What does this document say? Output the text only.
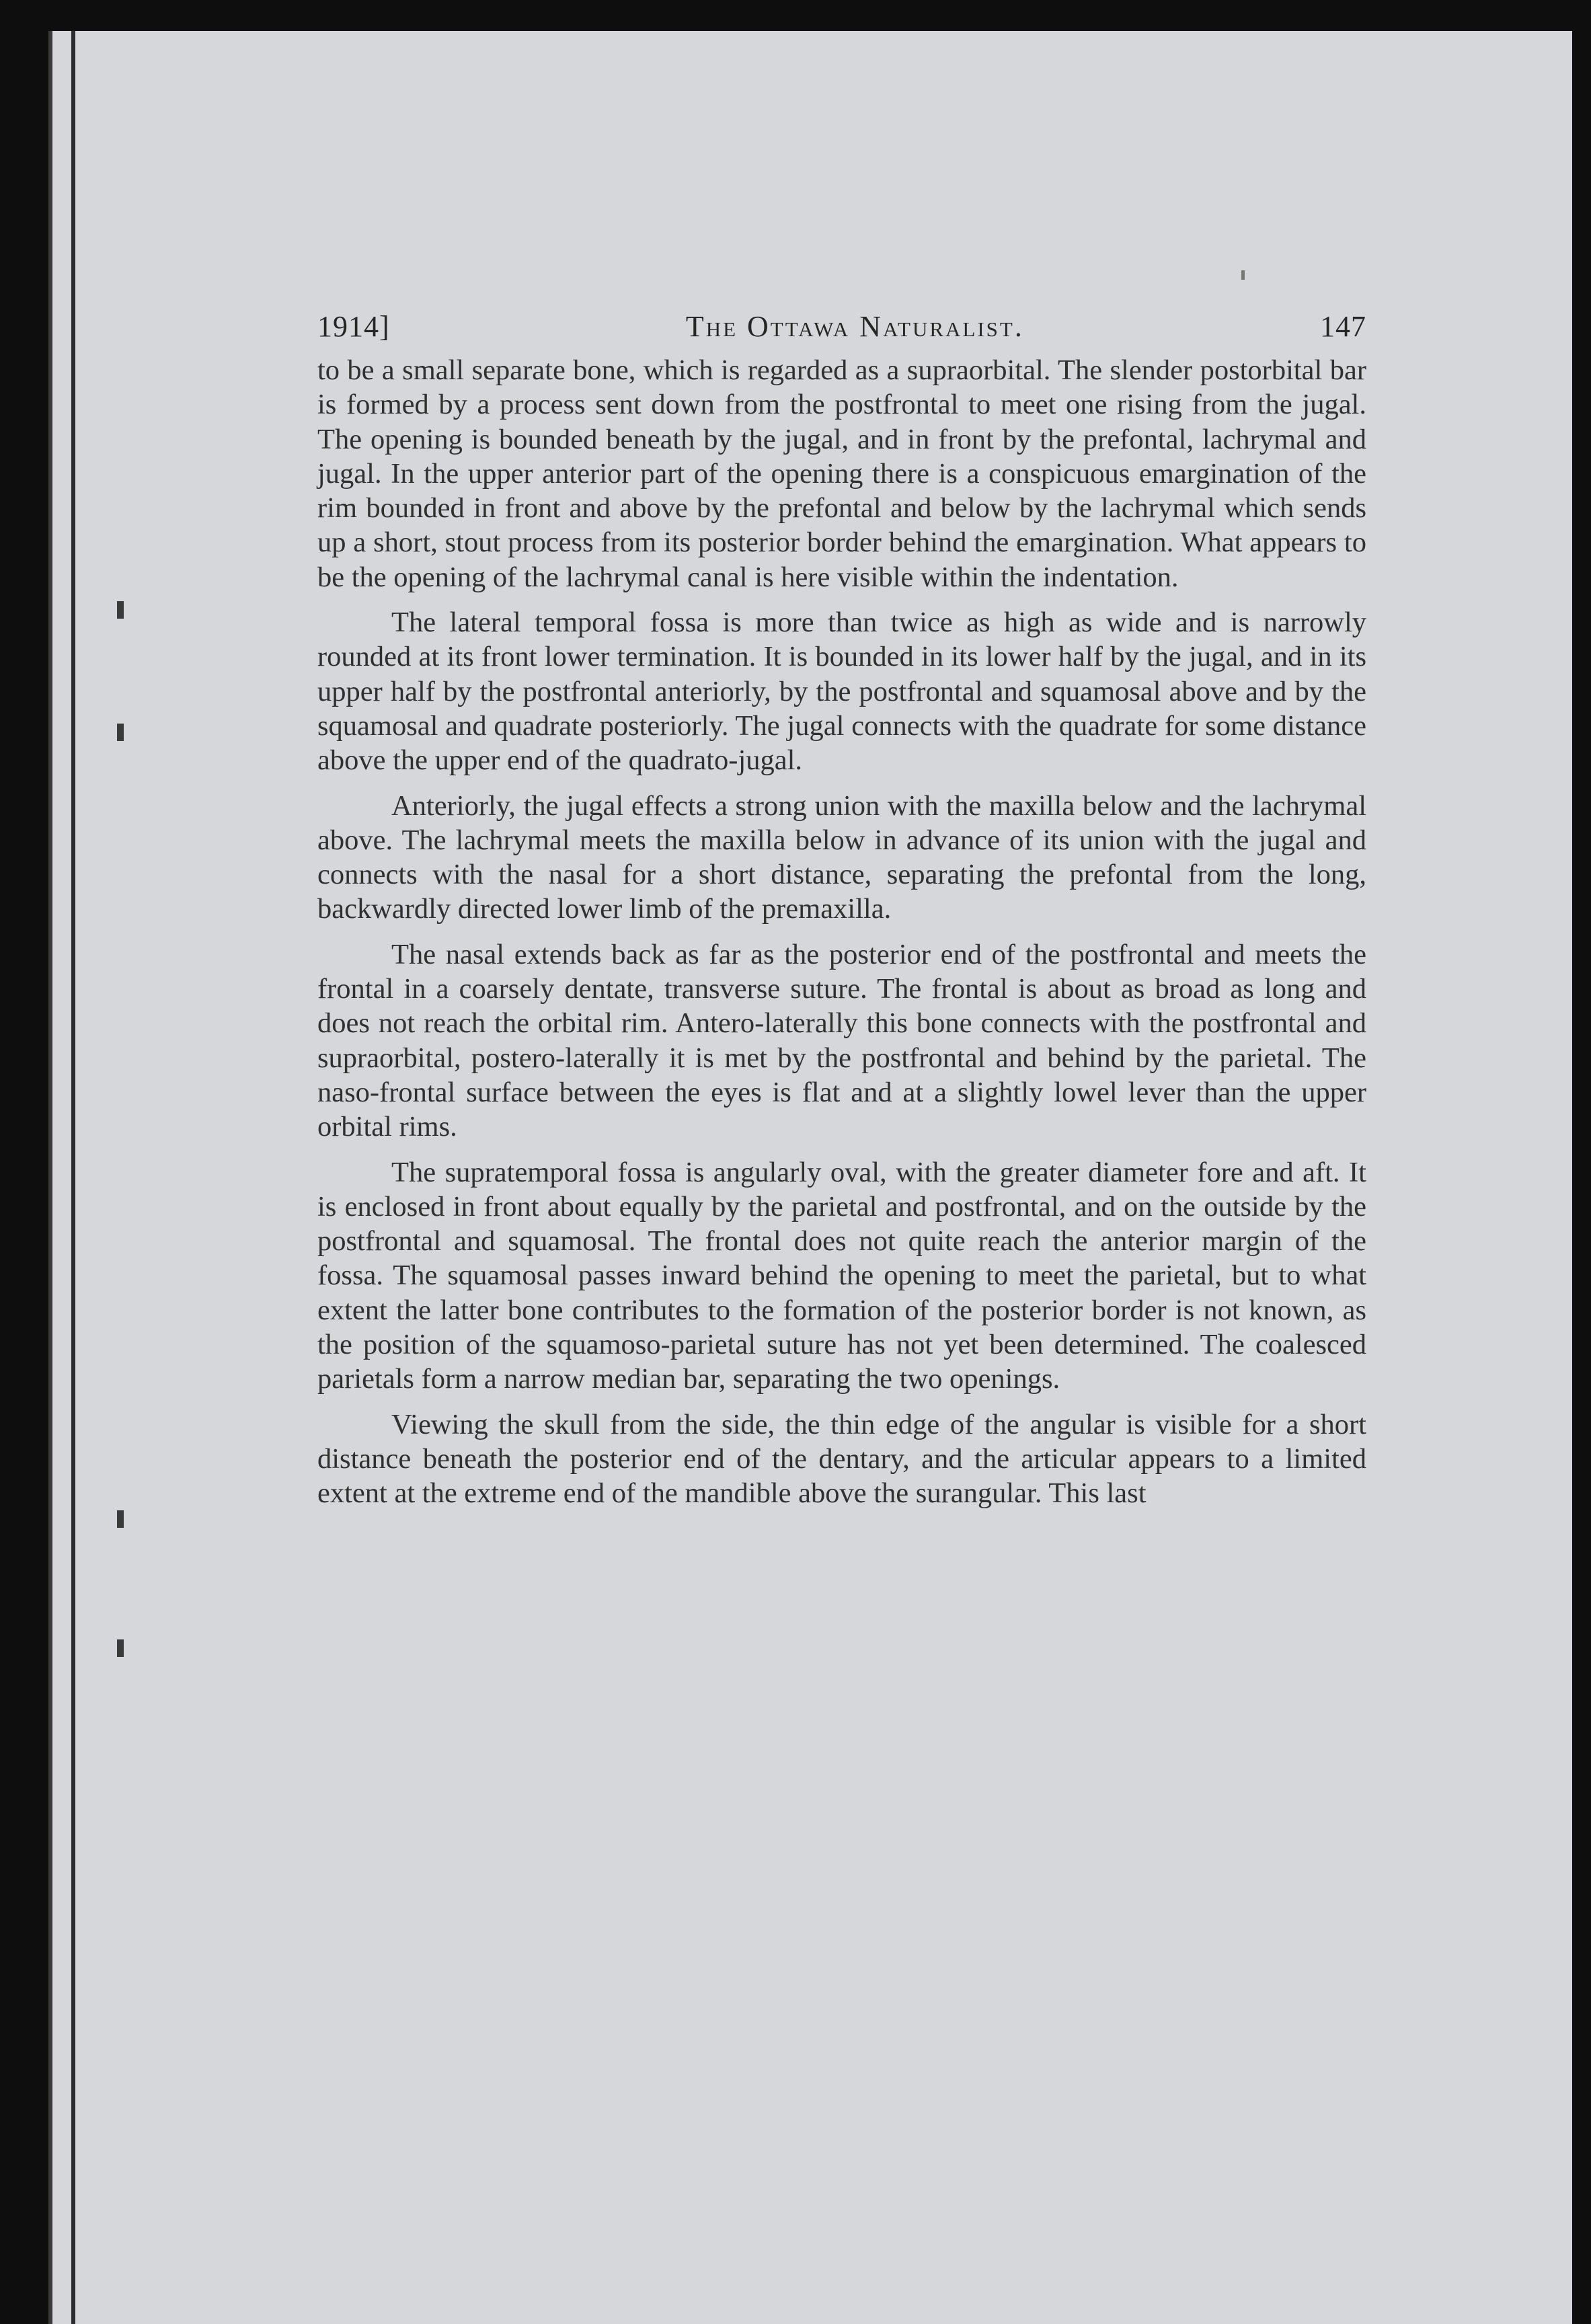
1914]	The Ottawa Naturalist.	147

to be a small separate bone, which is regarded as a supraorbital. The slender postorbital bar is formed by a process sent down from the postfrontal to meet one rising from the jugal. The opening is bounded beneath by the jugal, and in front by the prefontal, lachrymal and jugal. In the upper anterior part of the opening there is a conspicuous emargination of the rim bounded in front and above by the prefontal and below by the lachrymal which sends up a short, stout process from its posterior border behind the emargination. What appears to be the opening of the lachrymal canal is here visible within the indentation.

The lateral temporal fossa is more than twice as high as wide and is narrowly rounded at its front lower termination. It is bounded in its lower half by the jugal, and in its upper half by the postfrontal anteriorly, by the postfrontal and squamosal above and by the squamosal and quadrate posteriorly. The jugal connects with the quadrate for some distance above the upper end of the quadrato-jugal.

Anteriorly, the jugal effects a strong union with the maxilla below and the lachrymal above. The lachrymal meets the maxilla below in advance of its union with the jugal and connects with the nasal for a short distance, separating the prefontal from the long, backwardly directed lower limb of the premaxilla.

The nasal extends back as far as the posterior end of the postfrontal and meets the frontal in a coarsely dentate, transverse suture. The frontal is about as broad as long and does not reach the orbital rim. Antero-laterally this bone connects with the postfrontal and supraorbital, postero-laterally it is met by the postfrontal and behind by the parietal. The naso-frontal surface between the eyes is flat and at a slightly lowel lever than the upper orbital rims.

The supratemporal fossa is angularly oval, with the greater diameter fore and aft. It is enclosed in front about equally by the parietal and postfrontal, and on the outside by the postfrontal and squamosal. The frontal does not quite reach the anterior margin of the fossa. The squamosal passes inward behind the opening to meet the parietal, but to what extent the latter bone contributes to the formation of the posterior border is not known, as the position of the squamoso-parietal suture has not yet been determined. The coalesced parietals form a narrow median bar, separating the two openings.

Viewing the skull from the side, the thin edge of the angular is visible for a short distance beneath the posterior end of the dentary, and the articular appears to a limited extent at the extreme end of the mandible above the surangular. This last
